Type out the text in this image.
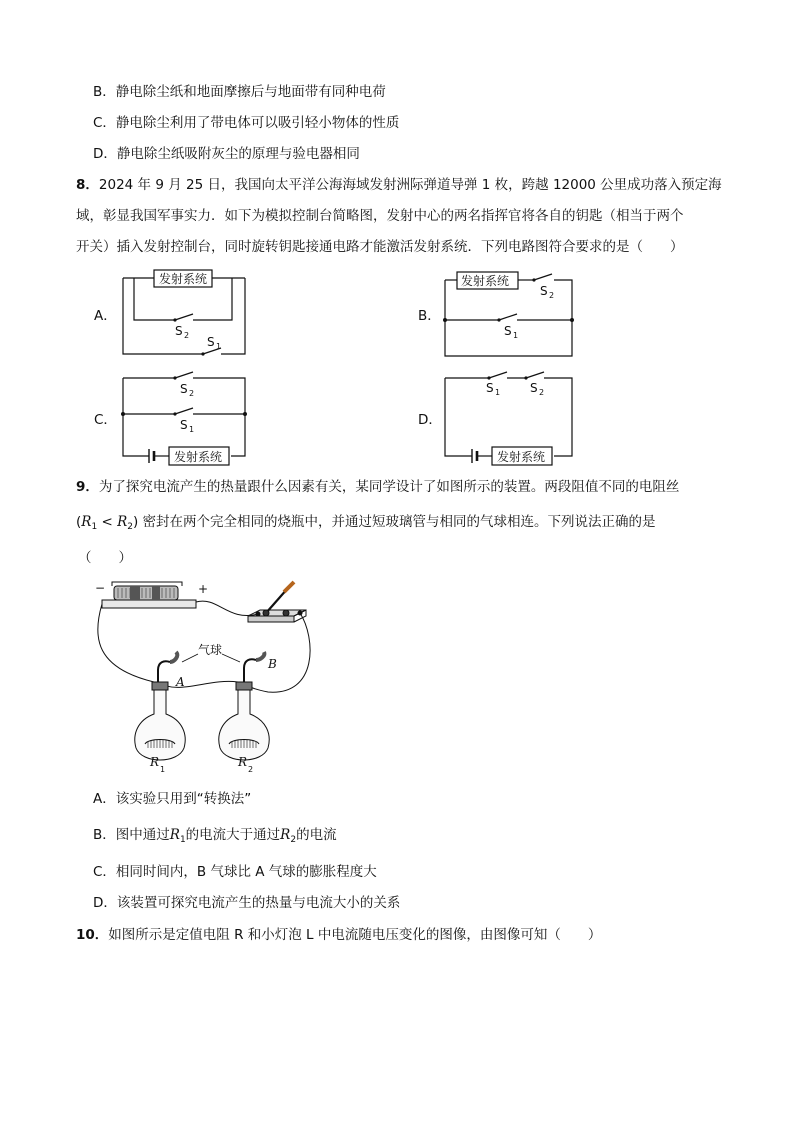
B．静电除尘纸和地面摩擦后与地面带有同种电荷
C．静电除尘利用了带电体可以吸引轻小物体的性质
D．静电除尘纸吸附灰尘的原理与验电器相同
8．2024 年 9 月 25 日，我国向太平洋公海海域发射洲际弹道导弹 1 枚，跨越 12000 公里成功落入预定海
域，彰显我国军事实力．如下为模拟控制台简略图，发射中心的两名指挥官将各自的钥匙（相当于两个
开关）插入发射控制台，同时旋转钥匙接通电路才能激活发射系统．下列电路图符合要求的是（　　）
A．
发射系统
S 2 S 1
B．
发射系统
S 2
S 1
C．
S 2
S 1
发射系统
D．
S 1 S 2
发射系统
9．为了探究电流产生的热量跟什么因素有关，某同学设计了如图所示的装置。两段阻值不同的电阻丝
$(R_1 < R_2)$ 密封在两个完全相同的烧瓶中，并通过短玻璃管与相同的气球相连。下列说法正确的是
（　　）
−	+
气球
A
B
R
1
R
2
A．该实验只用到“转换法”
B．图中通过$R_1$的电流大于通过$R_2$的电流
C．相同时间内，B 气球比 A 气球的膨胀程度大
D．该装置可探究电流产生的热量与电流大小的关系
10．如图所示是定值电阻 R 和小灯泡 L 中电流随电压变化的图像，由图像可知（　　）
